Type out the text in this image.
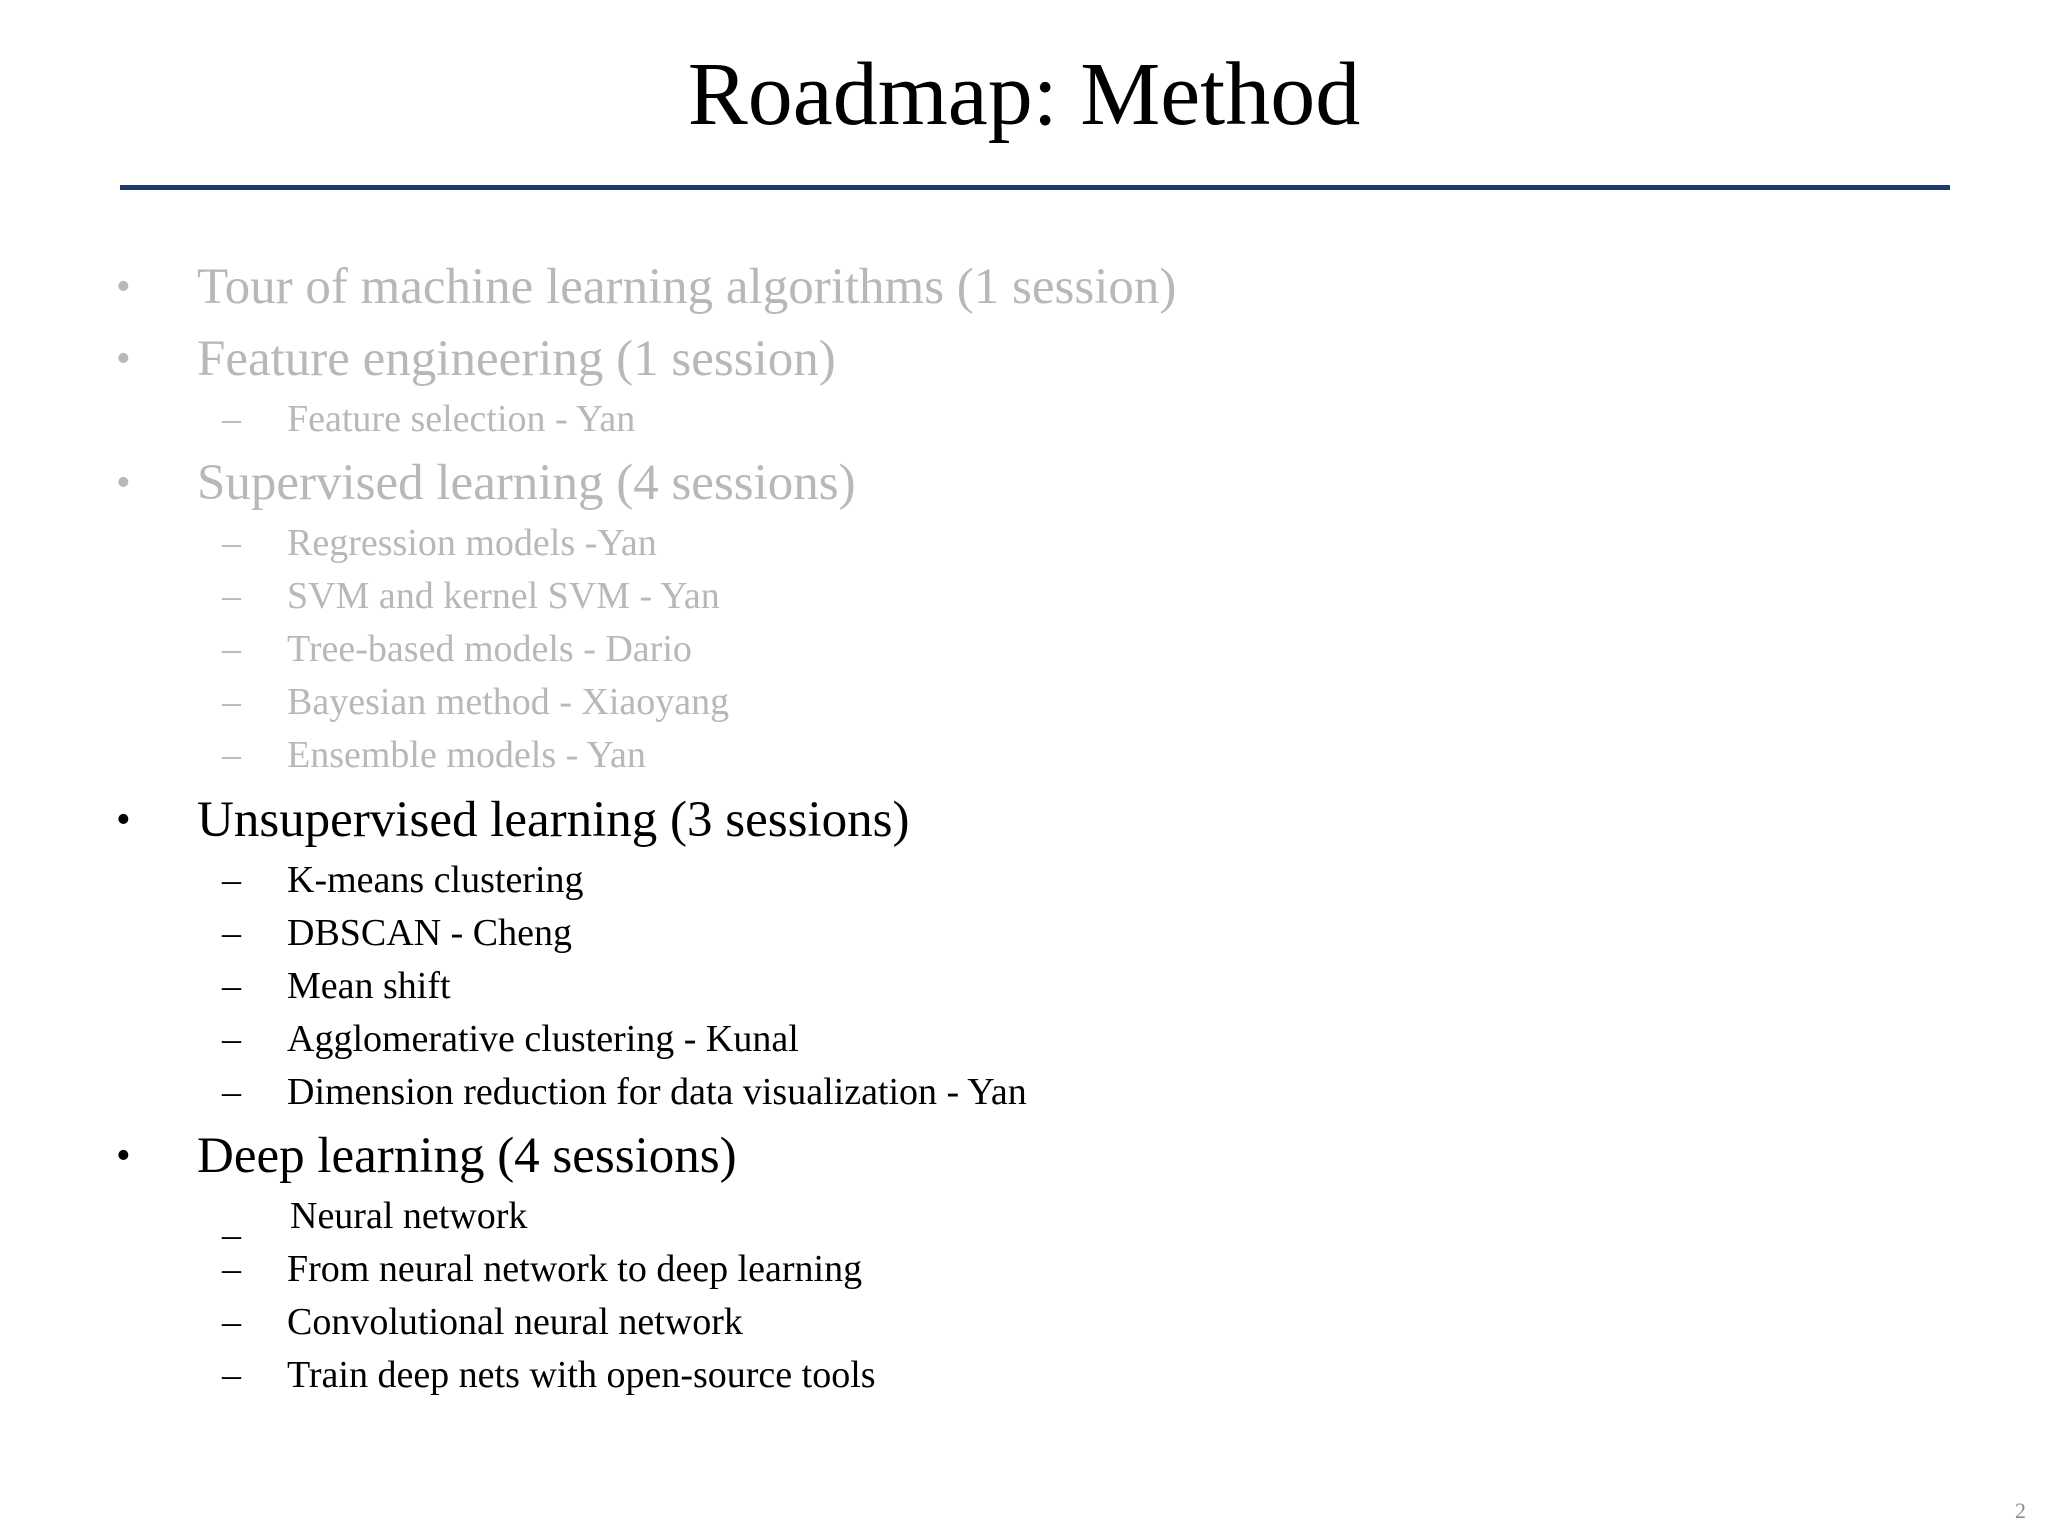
Roadmap: Method
• Tour of machine learning algorithms (1 session)
• Feature engineering (1 session)
– Feature selection - Yan
• Supervised learning (4 sessions)
– Regression models -Yan
– SVM and kernel SVM - Yan
– Tree-based models - Dario
– Bayesian method - Xiaoyang
– Ensemble models - Yan
• Unsupervised learning (3 sessions)
– K-means clustering
– DBSCAN - Cheng
– Mean shift
– Agglomerative clustering - Kunal
– Dimension reduction for data visualization - Yan
• Deep learning (4 sessions)
_ Neural network
– From neural network to deep learning
– Convolutional neural network
– Train deep nets with open-source tools
2
